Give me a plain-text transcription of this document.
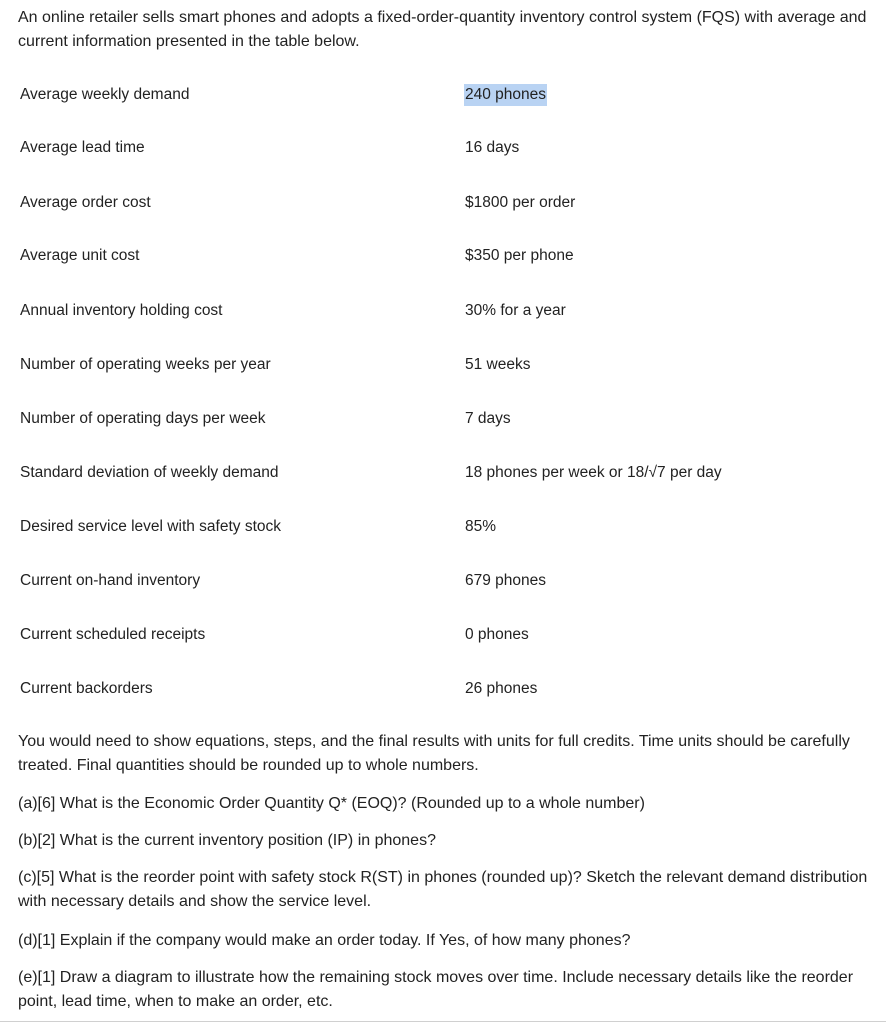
An online retailer sells smart phones and adopts a fixed-order-quantity inventory control system (FQS) with average and current information presented in the table below.

Average weekly demand	240 phones
Average lead time	16 days
Average order cost	$1800 per order
Average unit cost	$350 per phone
Annual inventory holding cost	30% for a year
Number of operating weeks per year	51 weeks
Number of operating days per week	7 days
Standard deviation of weekly demand	18 phones per week or 18/√7 per day
Desired service level with safety stock	85%
Current on-hand inventory	679 phones
Current scheduled receipts	0 phones
Current backorders	26 phones

You would need to show equations, steps, and the final results with units for full credits. Time units should be carefully treated. Final quantities should be rounded up to whole numbers.

(a)[6] What is the Economic Order Quantity Q* (EOQ)? (Rounded up to a whole number)

(b)[2] What is the current inventory position (IP) in phones?

(c)[5] What is the reorder point with safety stock R(ST) in phones (rounded up)? Sketch the relevant demand distribution with necessary details and show the service level.

(d)[1] Explain if the company would make an order today. If Yes, of how many phones?

(e)[1] Draw a diagram to illustrate how the remaining stock moves over time. Include necessary details like the reorder point, lead time, when to make an order, etc.
